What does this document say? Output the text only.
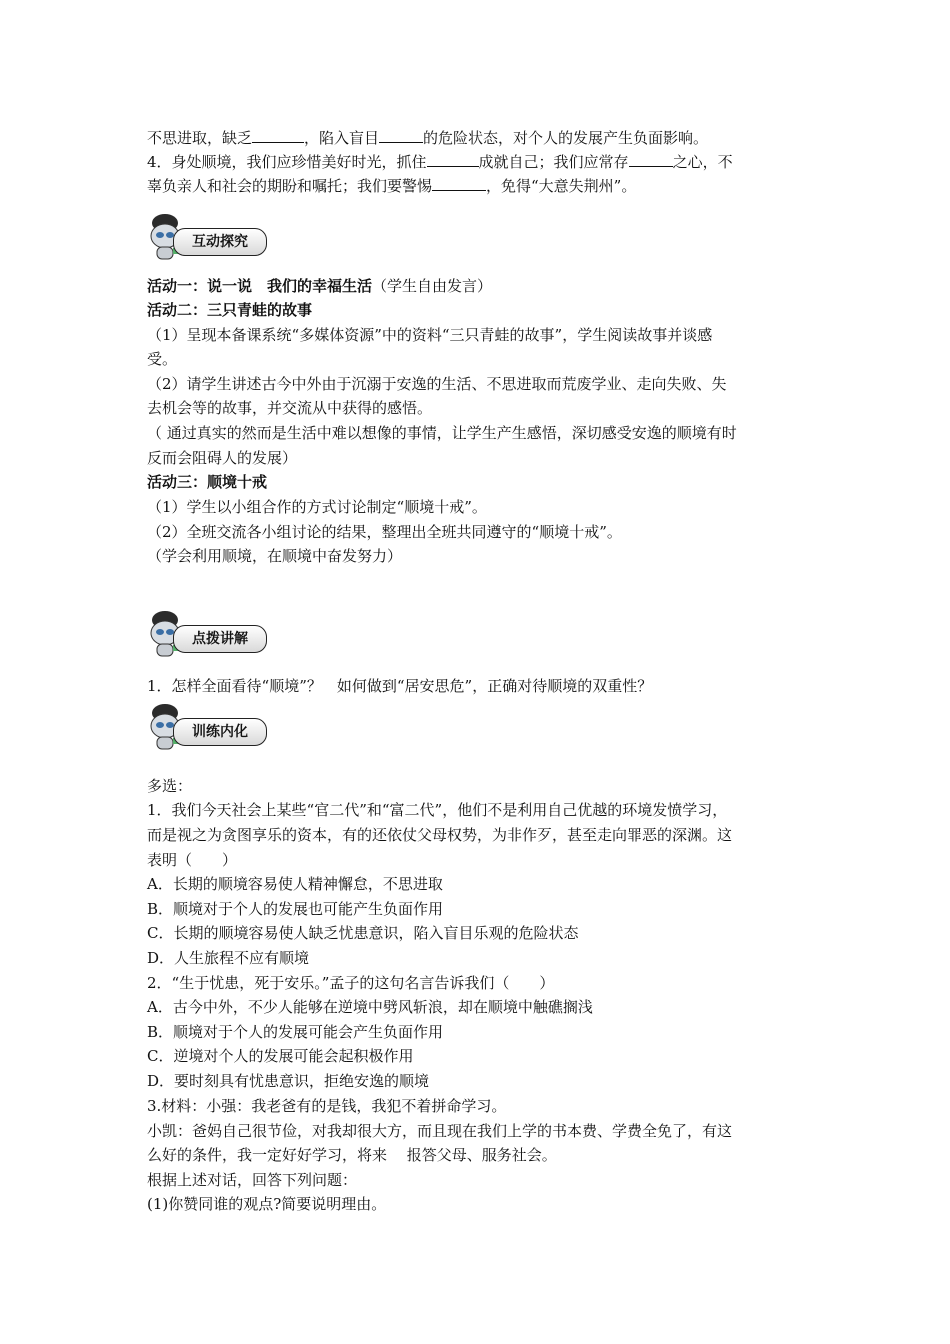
不思进取，缺乏	，陷入盲目	的危险状态，对个人的发展产生负面影响。
4．身处顺境，我们应珍惜美好时光，抓住	成就自己；我们应常存	之心，不
辜负亲人和社会的期盼和嘱托；我们要警惕	，免得“大意失荆州”。
互动探究
活动一：说一说　我们的幸福生活（学生自由发言）
活动二：三只青蛙的故事
（1）呈现本备课系统“多媒体资源”中的资料“三只青蛙的故事”，学生阅读故事并谈感
受。
（2）请学生讲述古今中外由于沉溺于安逸的生活、不思进取而荒废学业、走向失败、失
去机会等的故事，并交流从中获得的感悟。
（ 通过真实的然而是生活中难以想像的事情，让学生产生感悟，深切感受安逸的顺境有时
反而会阻碍人的发展）
活动三：顺境十戒
（1）学生以小组合作的方式讨论制定“顺境十戒”。
（2）全班交流各小组讨论的结果，整理出全班共同遵守的“顺境十戒”。
（学会利用顺境，在顺境中奋发努力）
点拨讲解
1．怎样全面看待“顺境”？　如何做到“居安思危”，正确对待顺境的双重性？
训练内化
多选：
1．我们今天社会上某些“官二代”和“富二代”，他们不是利用自己优越的环境发愤学习，
而是视之为贪图享乐的资本，有的还依仗父母权势，为非作歹，甚至走向罪恶的深渊。这
表明（　　）
A．长期的顺境容易使人精神懈怠，不思进取
B．顺境对于个人的发展也可能产生负面作用
C．长期的顺境容易使人缺乏忧患意识，陷入盲目乐观的危险状态
D．人生旅程不应有顺境
2．“生于忧患，死于安乐。”孟子的这句名言告诉我们（　　）
A．古今中外，不少人能够在逆境中劈风斩浪，却在顺境中触礁搁浅
B．顺境对于个人的发展可能会产生负面作用
C．逆境对个人的发展可能会起积极作用
D．要时刻具有忧患意识，拒绝安逸的顺境
3.材料：小强：我老爸有的是钱，我犯不着拼命学习。
小凯：爸妈自己很节俭，对我却很大方，而且现在我们上学的书本费、学费全免了，有这
么好的条件，我一定好好学习，将来　 报答父母、服务社会。
根据上述对话，回答下列问题：
(1)你赞同谁的观点?简要说明理由。
